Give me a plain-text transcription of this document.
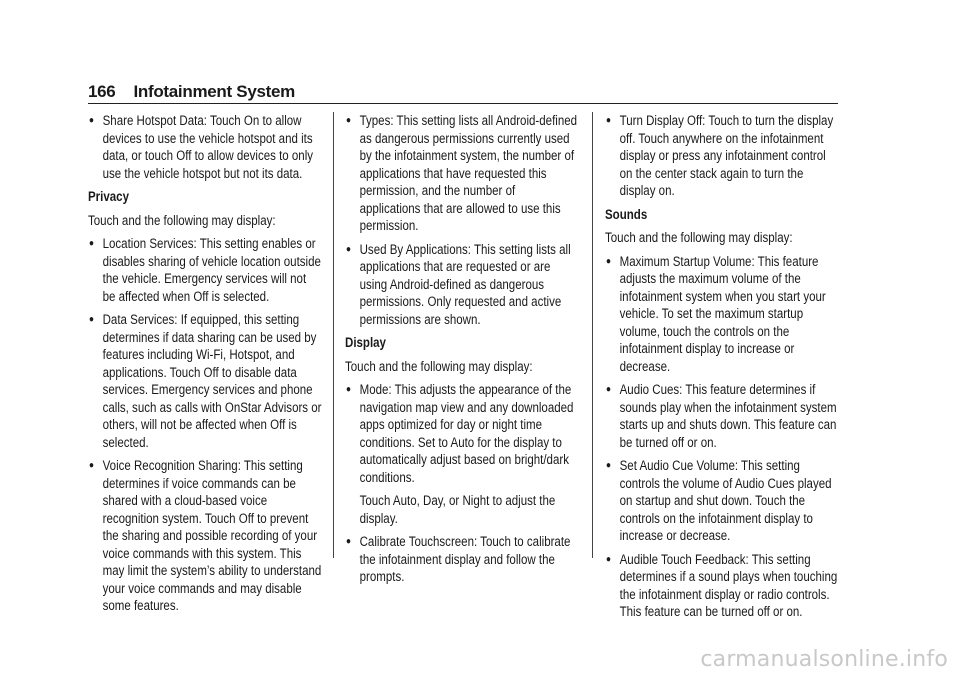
166 Infotainment System
● Share Hotspot Data: Touch On to allow devices to use the vehicle hotspot and its data, or touch Off to allow devices to only use the vehicle hotspot but not its data.

Privacy

Touch and the following may display:

● Location Services: This setting enables or disables sharing of vehicle location outside the vehicle. Emergency services will not be affected when Off is selected.
● Data Services: If equipped, this setting determines if data sharing can be used by features including Wi-Fi, Hotspot, and applications. Touch Off to disable data services. Emergency services and phone calls, such as calls with OnStar Advisors or others, will not be affected when Off is selected.
● Voice Recognition Sharing: This setting determines if voice commands can be shared with a cloud-based voice recognition system. Touch Off to prevent the sharing and possible recording of your voice commands with this system. This may limit the system’s ability to understand your voice commands and may disable some features.
● Types: This setting lists all Android-defined as dangerous permissions currently used by the infotainment system, the number of applications that have requested this permission, and the number of applications that are allowed to use this permission.
● Used By Applications: This setting lists all applications that are requested or are using Android-defined as dangerous permissions. Only requested and active permissions are shown.

Display

Touch and the following may display:

● Mode: This adjusts the appearance of the navigation map view and any downloaded apps optimized for day or night time conditions. Set to Auto for the display to automatically adjust based on bright/dark conditions.

Touch Auto, Day, or Night to adjust the display.

● Calibrate Touchscreen: Touch to calibrate the infotainment display and follow the prompts.
● Turn Display Off: Touch to turn the display off. Touch anywhere on the infotainment display or press any infotainment control on the center stack again to turn the display on.

Sounds

Touch and the following may display:

● Maximum Startup Volume: This feature adjusts the maximum volume of the infotainment system when you start your vehicle. To set the maximum startup volume, touch the controls on the infotainment display to increase or decrease.
● Audio Cues: This feature determines if sounds play when the infotainment system starts up and shuts down. This feature can be turned off or on.
● Set Audio Cue Volume: This setting controls the volume of Audio Cues played on startup and shut down. Touch the controls on the infotainment display to increase or decrease.
● Audible Touch Feedback: This setting determines if a sound plays when touching the infotainment display or radio controls. This feature can be turned off or on.
carmanualsonline.info
